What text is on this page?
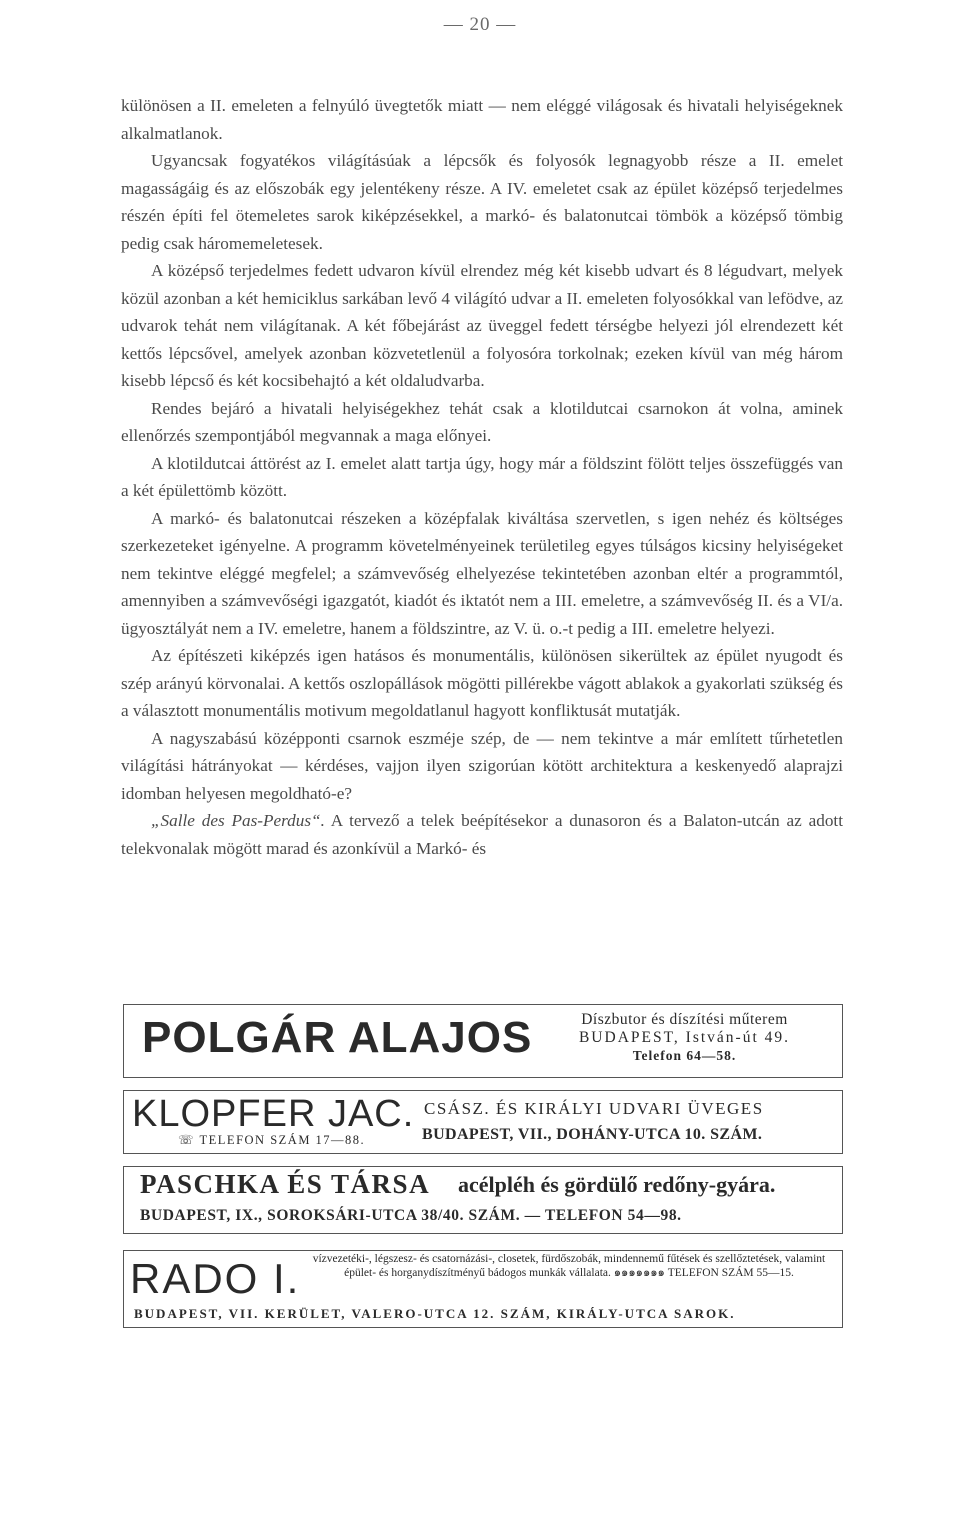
— 20 —

különösen a II. emeleten a felnyúló üvegtetők miatt — nem eléggé világosak és hivatali helyiségeknek alkalmatlanok.

Ugyancsak fogyatékos világításúak a lépcsők és folyosók legnagyobb része a II. emelet magasságáig és az előszobák egy jelentékeny része. A IV. emeletet csak az épület középső terjedelmes részén építi fel ötemeletes sarok kiképzésekkel, a markó- és balatonutcai tömbök a középső tömbig pedig csak háromemeletesek.

A középső terjedelmes fedett udvaron kívül elrendez még két kisebb udvart és 8 légudvart, melyek közül azonban a két hemiciklus sarkában levő 4 világító udvar a II. emeleten folyosókkal van lefödve, az udvarok tehát nem világítanak. A két főbejárást az üveggel fedett térségbe helyezi jól elrendezett két kettős lépcsővel, amelyek azonban közvetetlenül a folyosóra torkolnak; ezeken kívül van még három kisebb lépcső és két kocsibehajtó a két oldaludvarba.

Rendes bejáró a hivatali helyiségekhez tehát csak a klotildutcai csarnokon át volna, aminek ellenőrzés szempontjából megvannak a maga előnyei.

A klotildutcai áttörést az I. emelet alatt tartja úgy, hogy már a földszint fölött teljes összefüggés van a két épülettömb között.

A markó- és balatonutcai részeken a középfalak kiváltása szervetlen, s igen nehéz és költséges szerkezeteket igényelne. A programm követelményeinek területileg egyes túlságos kicsiny helyiségeket nem tekintve eléggé megfelel; a számvevőség elhelyezése tekintetében azonban eltér a programmtól, amennyiben a számvevőségi igazgatót, kiadót és iktatót nem a III. emeletre, a számvevőség II. és a VI/a. ügyosztályát nem a IV. emeletre, hanem a földszintre, az V. ü. o.-t pedig a III. emeletre helyezi.

Az építészeti kiképzés igen hatásos és monumentális, különösen sikerültek az épület nyugodt és szép arányú körvonalai. A kettős oszlopállások mögötti pillérekbe vágott ablakok a gyakorlati szükség és a választott monumentális motivum megoldatlanul hagyott konfliktusát mutatják.

A nagyszabású középponti csarnok eszméje szép, de — nem tekintve a már említett tűrhetetlen világítási hátrányokat — kérdéses, vajjon ilyen szigorúan kötött architektura a keskenyedő alaprajzi idomban helyesen megoldható-e?

„Salle des Pas-Perdus“. A tervező a telek beépítésekor a dunasoron és a Balaton-utcán az adott telekvonalak mögött marad és azonkívül a Markó- és

POLGÁR ALAJOS	Díszbutor és díszítési műterem
BUDAPEST, István-út 49.
Telefon 64—58.
KLOPFER JAC.
☏ TELEFON SZÁM 17—88.
CSÁSZ. ÉS KIRÁLYI UDVARI ÜVEGES
BUDAPEST, VII., DOHÁNY-UTCA 10. SZÁM.
PASCHKA ÉS TÁRSA acélpléh és gördülő redőny-gyára.
BUDAPEST, IX., SOROKSÁRI-UTCA 38/40. SZÁM. — TELEFON 54—98.
RADO I.	vízvezetéki-, légszesz- és csatornázási-, closetek, fürdőszobák, mindennemű fűtések és szellőztetések, valamint épület- és horganydíszítményű bádogos munkák vállalata. ๑๑๑๑๑๑๑ TELEFON SZÁM 55—15.
BUDAPEST, VII. KERÜLET, VALERO-UTCA 12. SZÁM, KIRÁLY-UTCA SAROK.
